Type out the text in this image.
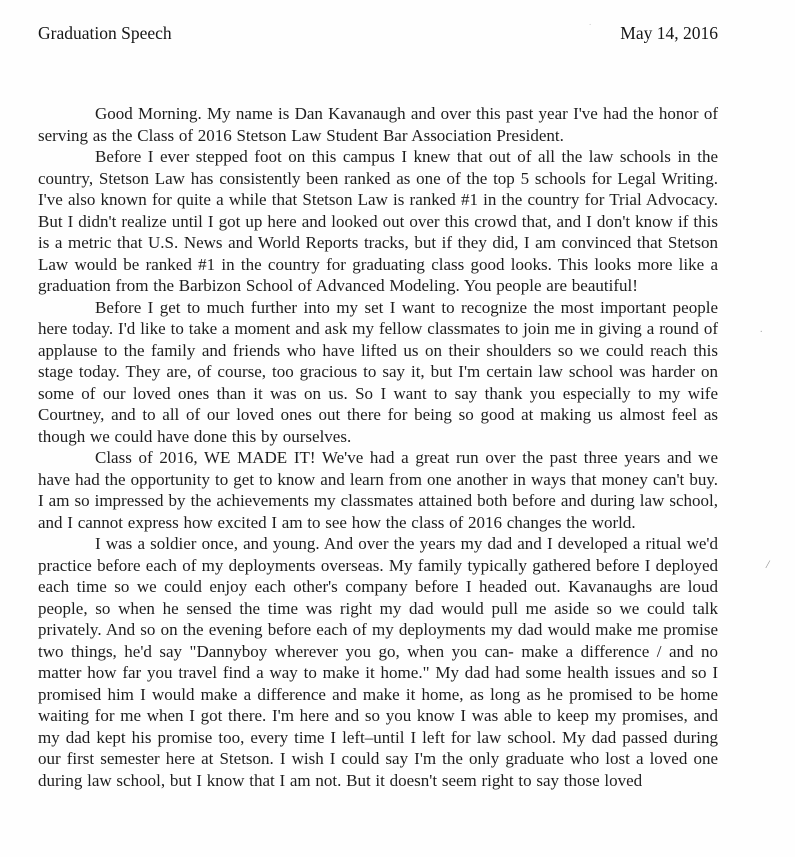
Graduation Speech	May 14, 2016

Good Morning. My name is Dan Kavanaugh and over this past year I've had the honor of serving as the Class of 2016 Stetson Law Student Bar Association President.

Before I ever stepped foot on this campus I knew that out of all the law schools in the country, Stetson Law has consistently been ranked as one of the top 5 schools for Legal Writing. I've also known for quite a while that Stetson Law is ranked #1 in the country for Trial Advocacy. But I didn't realize until I got up here and looked out over this crowd that, and I don't know if this is a metric that U.S. News and World Reports tracks, but if they did, I am convinced that Stetson Law would be ranked #1 in the country for graduating class good looks. This looks more like a graduation from the Barbizon School of Advanced Modeling. You people are beautiful!

Before I get to much further into my set I want to recognize the most important people here today. I'd like to take a moment and ask my fellow classmates to join me in giving a round of applause to the family and friends who have lifted us on their shoulders so we could reach this stage today. They are, of course, too gracious to say it, but I'm certain law school was harder on some of our loved ones than it was on us. So I want to say thank you especially to my wife Courtney, and to all of our loved ones out there for being so good at making us almost feel as though we could have done this by ourselves.

Class of 2016, WE MADE IT! We've had a great run over the past three years and we have had the opportunity to get to know and learn from one another in ways that money can't buy. I am so impressed by the achievements my classmates attained both before and during law school, and I cannot express how excited I am to see how the class of 2016 changes the world.

I was a soldier once, and young. And over the years my dad and I developed a ritual we'd practice before each of my deployments overseas. My family typically gathered before I deployed each time so we could enjoy each other's company before I headed out. Kavanaughs are loud people, so when he sensed the time was right my dad would pull me aside so we could talk privately. And so on the evening before each of my deployments my dad would make me promise two things, he'd say "Dannyboy wherever you go, when you can- make a difference / and no matter how far you travel find a way to make it home." My dad had some health issues and so I promised him I would make a difference and make it home, as long as he promised to be home waiting for me when I got there. I'm here and so you know I was able to keep my promises, and my dad kept his promise too, every time I left–until I left for law school. My dad passed during our first semester here at Stetson. I wish I could say I'm the only graduate who lost a loved one during law school, but I know that I am not. But it doesn't seem right to say those loved

.
.
/
